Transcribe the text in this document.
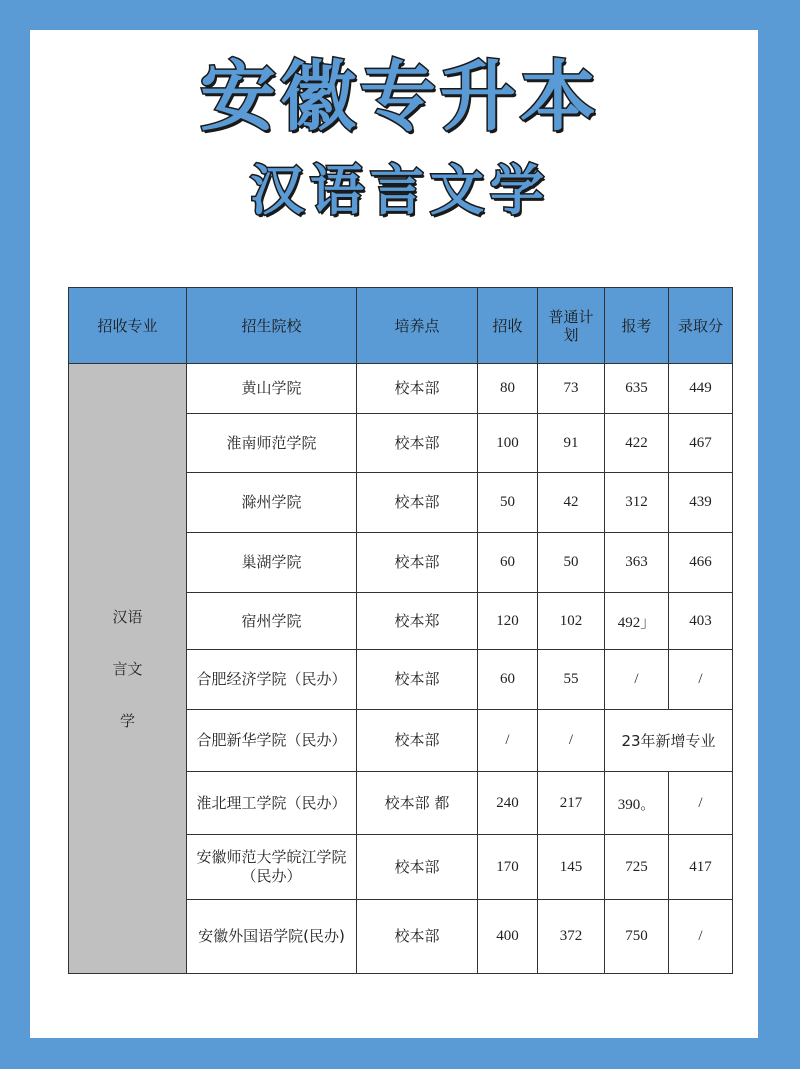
安徽专升本
汉语言文学
招收专业	招生院校	培养点	招收	普通计划	报考	录取分
汉语言文学	黄山学院	校本部	80	73	635	449
	淮南师范学院	校本部	100	91	422	467
	滁州学院	校本部	50	42	312	439
	巢湖学院	校本部	60	50	363	466
	宿州学院	校本郑	120	102	492」	403
	合肥经济学院（民办）	校本部	60	55	/	/
	合肥新华学院（民办）	校本部	/	/	23年新增专业	
	淮北理工学院（民办）	校本部 都	240	217	390。	/
	安徽师范大学皖江学院（民办）	校本部	170	145	725	417
	安徽外国语学院(民办)	校本部	400	372	750	/
